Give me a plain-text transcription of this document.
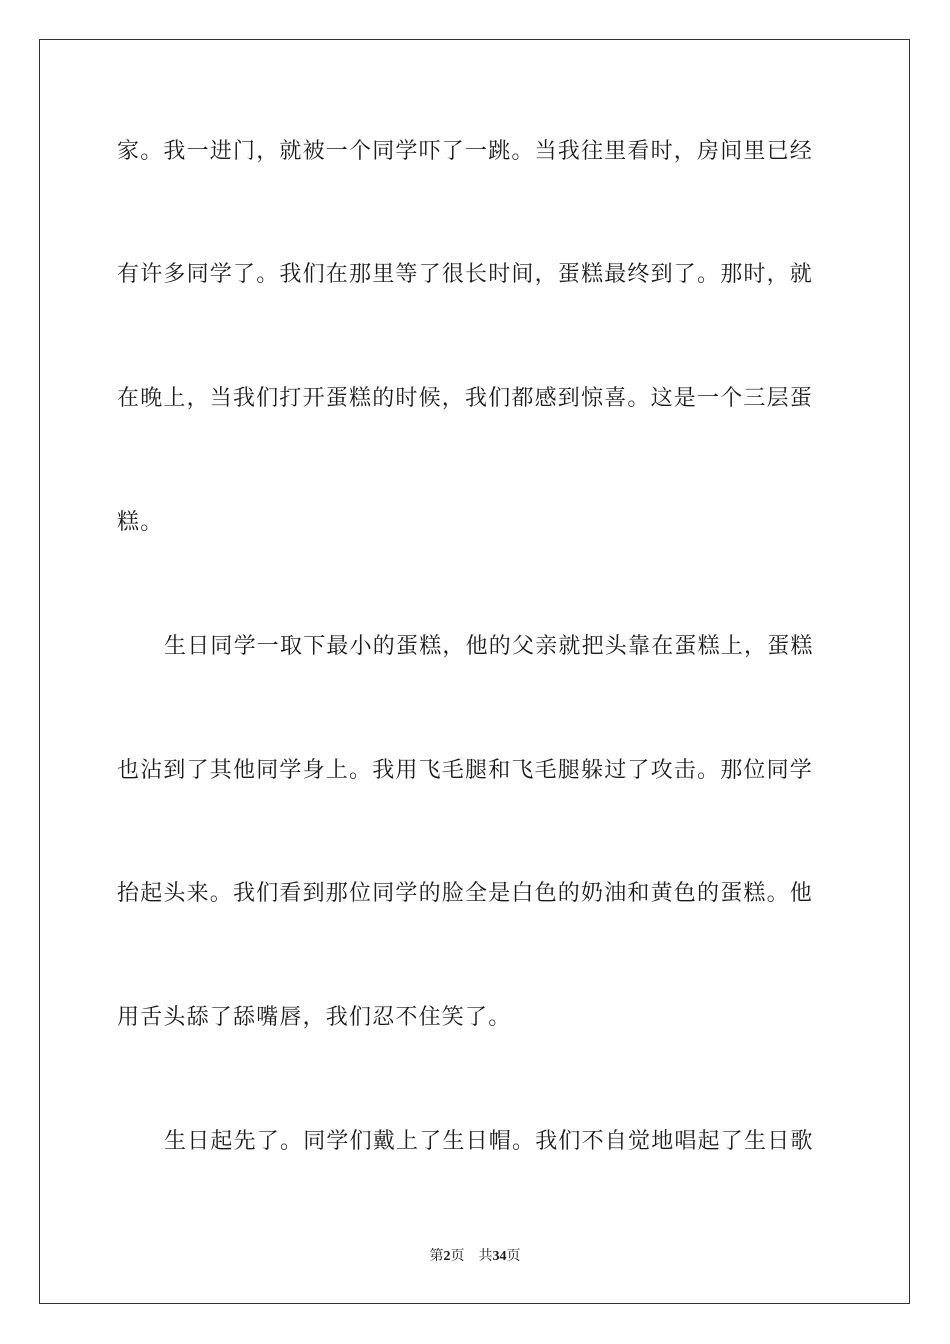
家。我一进门，就被一个同学吓了一跳。当我往里看时，房间里已经
有许多同学了。我们在那里等了很长时间，蛋糕最终到了。那时，就
在晚上，当我们打开蛋糕的时候，我们都感到惊喜。这是一个三层蛋
糕。
生日同学一取下最小的蛋糕，他的父亲就把头靠在蛋糕上，蛋糕
也沾到了其他同学身上。我用飞毛腿和飞毛腿躲过了攻击。那位同学
抬起头来。我们看到那位同学的脸全是白色的奶油和黄色的蛋糕。他
用舌头舔了舔嘴唇，我们忍不住笑了。
生日起先了。同学们戴上了生日帽。我们不自觉地唱起了生日歌
第2页 共34页
